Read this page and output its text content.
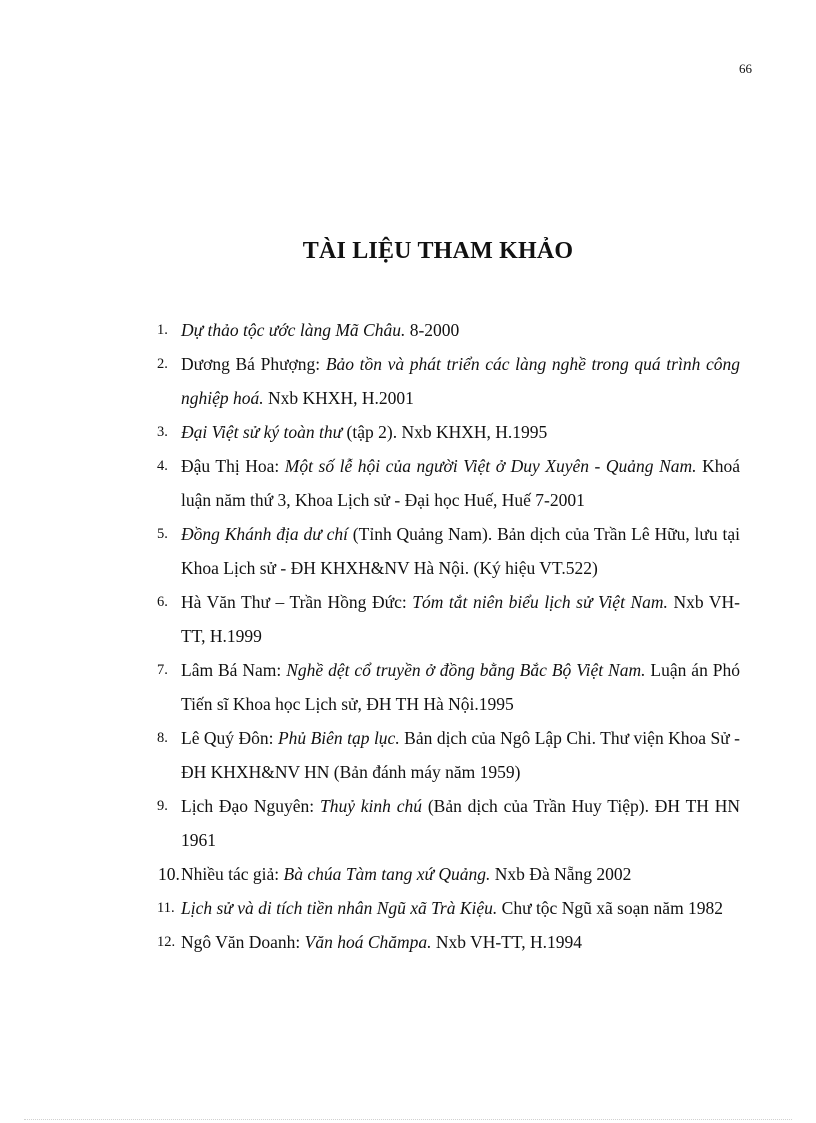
66
TÀI LIỆU THAM KHẢO
1. Dự thảo tộc ước làng Mã Châu. 8-2000
2. Dương Bá Phượng: Bảo tồn và phát triển các làng nghề trong quá trình công nghiệp hoá. Nxb KHXH, H.2001
3. Đại Việt sử ký toàn thư (tập 2). Nxb KHXH, H.1995
4. Đậu Thị Hoa: Một số lễ hội của người Việt ở Duy Xuyên - Quảng Nam. Khoá luận năm thứ 3, Khoa Lịch sử - Đại học Huế, Huế 7-2001
5. Đồng Khánh địa dư chí (Tỉnh Quảng Nam). Bản dịch của Trần Lê Hữu, lưu tại Khoa Lịch sử - ĐH KHXH&NV Hà Nội. (Ký hiệu VT.522)
6. Hà Văn Thư – Trần Hồng Đức: Tóm tắt niên biểu lịch sử Việt Nam. Nxb VH-TT, H.1999
7. Lâm Bá Nam: Nghề dệt cổ truyền ở đồng bằng Bắc Bộ Việt Nam. Luận án Phó Tiến sĩ Khoa học Lịch sử, ĐH TH Hà Nội.1995
8. Lê Quý Đôn: Phủ Biên tạp lục. Bản dịch của Ngô Lập Chi. Thư viện Khoa Sử - ĐH KHXH&NV HN (Bản đánh máy năm 1959)
9. Lịch Đạo Nguyên: Thuỷ kinh chú (Bản dịch của Trần Huy Tiệp). ĐH TH HN 1961
10. Nhiều tác giả: Bà chúa Tàm tang xứ Quảng. Nxb Đà Nẵng 2002
11. Lịch sử và di tích tiền nhân Ngũ xã Trà Kiệu. Chư tộc Ngũ xã soạn năm 1982
12. Ngô Văn Doanh: Văn hoá Chămpa. Nxb VH-TT, H.1994
